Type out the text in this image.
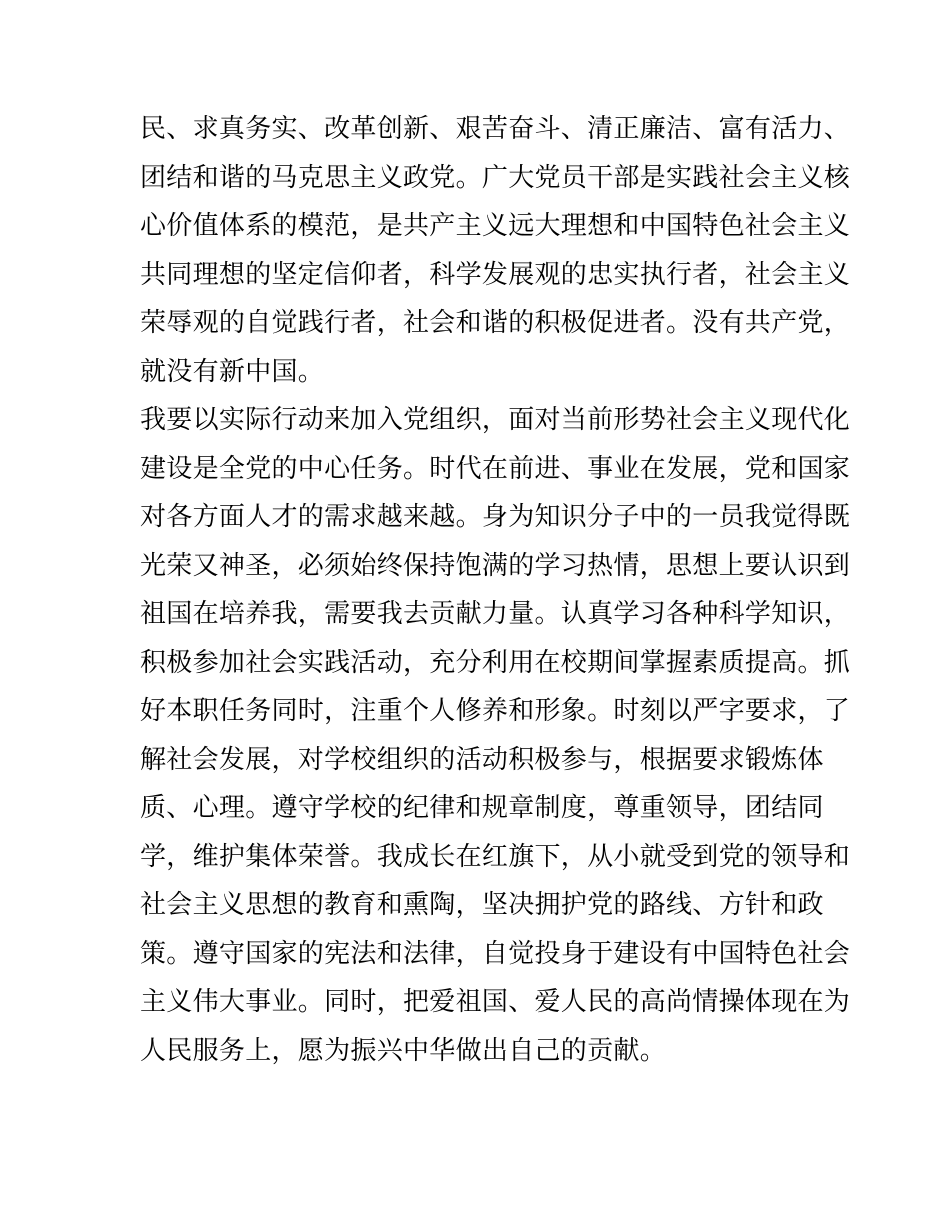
民、求真务实、改革创新、艰苦奋斗、清正廉洁、富有活力、
团结和谐的马克思主义政党。广大党员干部是实践社会主义核
心价值体系的模范，是共产主义远大理想和中国特色社会主义
共同理想的坚定信仰者，科学发展观的忠实执行者，社会主义
荣辱观的自觉践行者，社会和谐的积极促进者。没有共产党，
就没有新中国。
我要以实际行动来加入党组织，面对当前形势社会主义现代化
建设是全党的中心任务。时代在前进、事业在发展，党和国家
对各方面人才的需求越来越。身为知识分子中的一员我觉得既
光荣又神圣，必须始终保持饱满的学习热情，思想上要认识到
祖国在培养我，需要我去贡献力量。认真学习各种科学知识，
积极参加社会实践活动，充分利用在校期间掌握素质提高。抓
好本职任务同时，注重个人修养和形象。时刻以严字要求，了
解社会发展，对学校组织的活动积极参与，根据要求锻炼体
质、心理。遵守学校的纪律和规章制度，尊重领导，团结同
学，维护集体荣誉。我成长在红旗下，从小就受到党的领导和
社会主义思想的教育和熏陶，坚决拥护党的路线、方针和政
策。遵守国家的宪法和法律，自觉投身于建设有中国特色社会
主义伟大事业。同时，把爱祖国、爱人民的高尚情操体现在为
人民服务上，愿为振兴中华做出自己的贡献。
